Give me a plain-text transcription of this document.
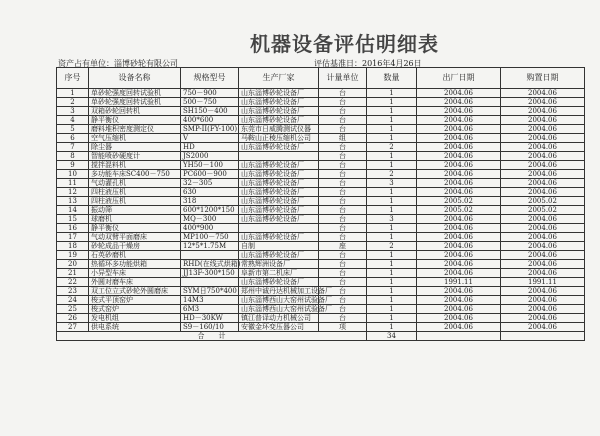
机器设备评估明细表
资产占有单位：淄博砂轮有限公司	评估基准日：2016年4月26日
序号	设备名称	规格型号	生产厂家	计量单位	数量	出厂日期	购置日期
1	单砂轮强度回转试验机	750－900	山东淄博砂轮设备厂	台	1	2004.06	2004.06
2	单砂轮强度回转试验机	500－750	山东淄博砂轮设备厂	台	1	2004.06	2004.06
3	双箱砂轮回转机	SH150－400	山东淄博砂轮设备厂	台	1	2004.06	2004.06
4	静平衡仪	400*600	山东淄博砂轮设备厂	台	1	2004.06	2004.06
5	磨料堆积密度测定仪	SMP-II(FY-100)	东莞市日威腾测试仪器	台	1	2004.06	2004.06
6	空气压缩机	V	马鞍山正稜压缩机公司	组	1	2004.06	2004.06
7	除尘器	HD	山东淄博砂轮设备厂	台	2	2004.06	2004.06
8	智能喷砂硬度计	JS2000		台	1	2004.06	2004.06
9	搅拌混料机	YH50－100	山东淄博砂轮设备厂	台	1	2004.06	2004.06
10	多功能车床SC400－750	PC600－900	山东淄博砂轮设备厂	台	2	2004.06	2004.06
11	气动灌孔机	32－305	山东淄博砂轮设备厂	台	3	2004.06	2004.06
12	四柱液压机	630	山东淄博砂轮设备厂	台	1	2004.06	2004.06
13	四柱液压机	318	山东淄博砂轮设备厂	台	1	2005.02	2005.02
14	振动筛	600*1200*150	山东淄博砂轮设备厂	台	1	2005.02	2005.02
15	球磨机	MQ－300	山东淄博砂轮设备厂	台	3	2004.06	2004.06
16	静平衡仪	400*900		台	1	2004.06	2004.06
17	气动双臂平面磨床	MP100－750	山东淄博砂轮设备厂	台	1	2004.06	2004.06
18	砂轮成品干燥房	12*5*1.75M	自制	座	2	2004.06	2004.06
19	石英砂磨机		山东淄博砂轮设备厂	台	1	2004.06	2004.06
20	热循环多功能烘箱	RHD(在线式烘箱)	常熟辉洲设备厂	台	1	2004.06	2004.06
21	小异型车床	JJ13F-300*150	阜新市第二机床厂	台	1	2004.06	2004.06
22	外圆对磨车床		山东淄博砂轮设备厂	台	1	1991.11	1991.11
23	双工位立式砂轮外圆磨床	SYM日750*400	郑州中诚丹达机械加工设备厂	台	1	2004.06	2004.06
24	梭式平顶窑炉	14M3	山东淄博西山大窑州试验备厂	台	1	2004.06	2004.06
25	梭式窑炉	6M3	山东淄博西山大窑州试验备厂	台	1	2004.06	2004.06
26	发电机组	HD－30KW	镇江普译动力机械公司	台	1	2004.06	2004.06
27	供电系统	S9－160/10	安徽金环变压器公司	项	1	2004.06	2004.06
合　　计					34		
